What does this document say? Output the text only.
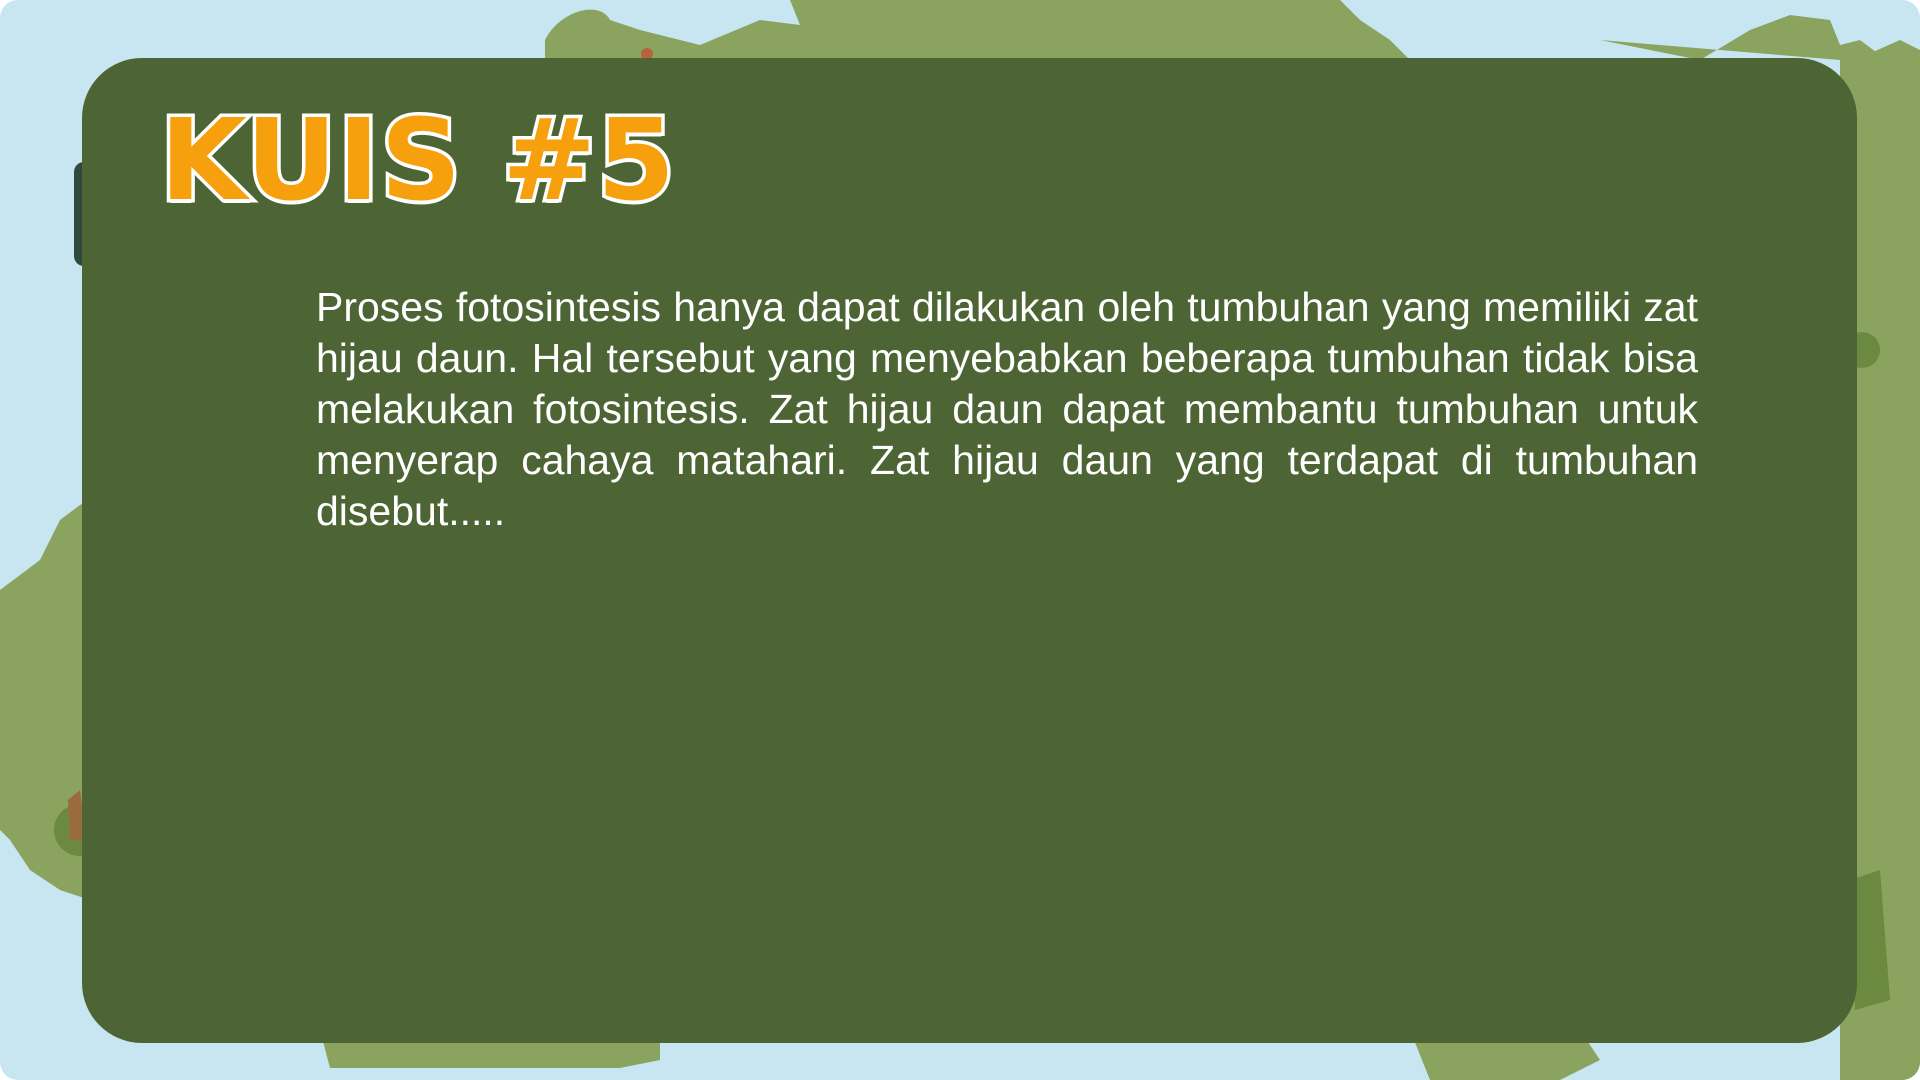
KUIS #5

Proses fotosintesis hanya dapat dilakukan oleh tumbuhan yang memiliki zat hijau daun. Hal tersebut yang menyebabkan beberapa tumbuhan tidak bisa melakukan fotosintesis. Zat hijau daun dapat membantu tumbuhan untuk menyerap cahaya matahari. Zat hijau daun yang terdapat di tumbuhan disebut.....
